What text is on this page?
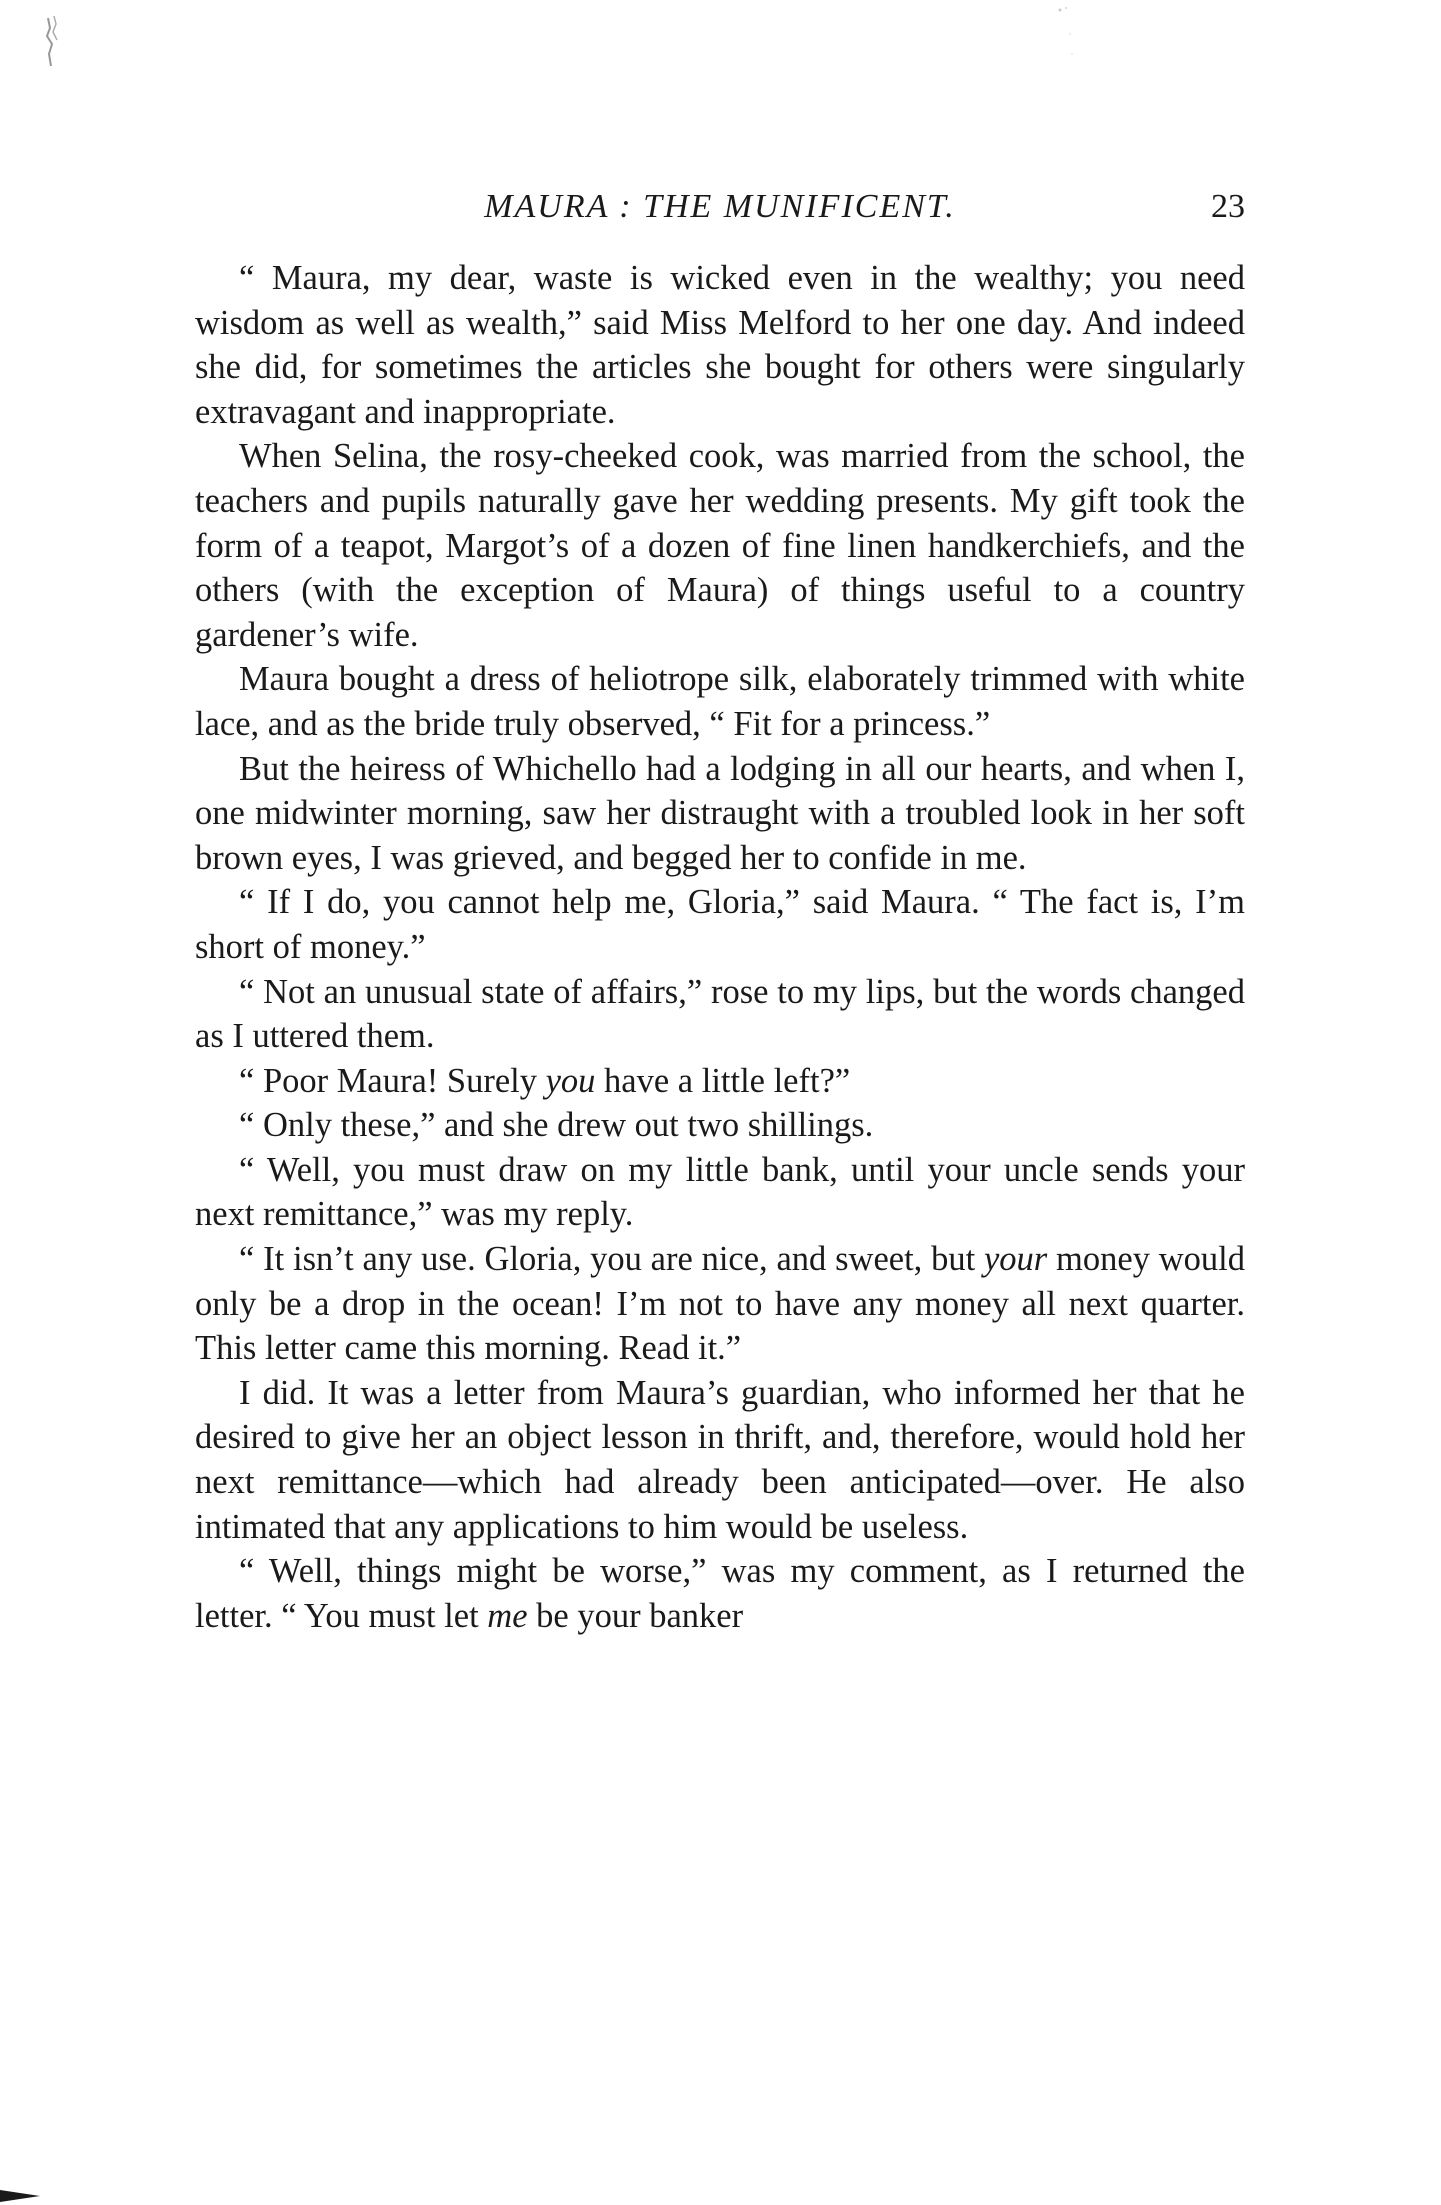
MAURA : THE MUNIFICENT.	23

“ Maura, my dear, waste is wicked even in the wealthy; you need wisdom as well as wealth,” said Miss Melford to her one day. And indeed she did, for sometimes the articles she bought for others were singularly extravagant and inappropriate.

When Selina, the rosy-cheeked cook, was married from the school, the teachers and pupils naturally gave her wedding presents. My gift took the form of a teapot, Margot’s of a dozen of fine linen handkerchiefs, and the others (with the exception of Maura) of things useful to a country gardener’s wife.

Maura bought a dress of heliotrope silk, elaborately trimmed with white lace, and as the bride truly observed, “ Fit for a princess.”

But the heiress of Whichello had a lodging in all our hearts, and when I, one midwinter morning, saw her distraught with a troubled look in her soft brown eyes, I was grieved, and begged her to confide in me.

“ If I do, you cannot help me, Gloria,” said Maura. “ The fact is, I’m short of money.”

“ Not an unusual state of affairs,” rose to my lips, but the words changed as I uttered them.

“ Poor Maura! Surely you have a little left?”

“ Only these,” and she drew out two shillings.

“ Well, you must draw on my little bank, until your uncle sends your next remittance,” was my reply.

“ It isn’t any use. Gloria, you are nice, and sweet, but your money would only be a drop in the ocean! I’m not to have any money all next quarter. This letter came this morning. Read it.”

I did. It was a letter from Maura’s guardian, who informed her that he desired to give her an object lesson in thrift, and, therefore, would hold her next remittance—which had already been anticipated—over. He also intimated that any applications to him would be useless.

“ Well, things might be worse,” was my comment, as I returned the letter. “ You must let me be your banker
